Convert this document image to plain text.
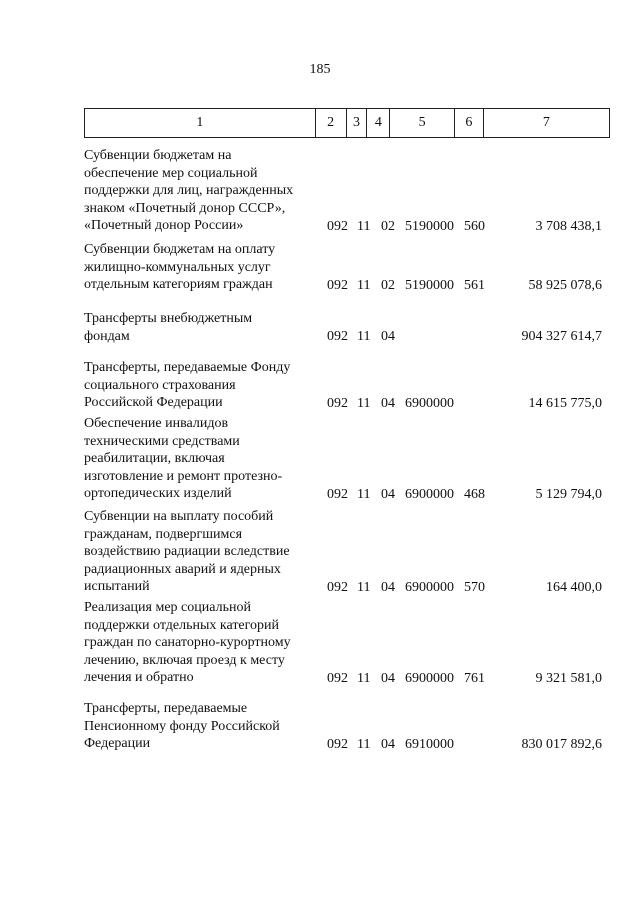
185
1	2	3	4	5	6	7
Субвенции бюджетам на
обеспечение мер социальной
поддержки для лиц, награжденных
знаком «Почетный донор СССР»,
«Почетный донор России»	092 11 02 5190000 560	3 708 438,1
Субвенции бюджетам на оплату
жилищно-коммунальных услуг
отдельным категориям граждан	092 11 02 5190000 561	58 925 078,6
Трансферты внебюджетным
фондам	092 11 04	904 327 614,7
Трансферты, передаваемые Фонду
социального страхования
Российской Федерации	092 11 04 6900000	14 615 775,0
Обеспечение инвалидов
техническими средствами
реабилитации, включая
изготовление и ремонт протезно-
ортопедических изделий	092 11 04 6900000 468	5 129 794,0
Субвенции на выплату пособий
гражданам, подвергшимся
воздействию радиации вследствие
радиационных аварий и ядерных
испытаний	092 11 04 6900000 570	164 400,0
Реализация мер социальной
поддержки отдельных категорий
граждан по санаторно-курортному
лечению, включая проезд к месту
лечения и обратно	092 11 04 6900000 761	9 321 581,0
Трансферты, передаваемые
Пенсионному фонду Российской
Федерации	092 11 04 6910000	830 017 892,6
